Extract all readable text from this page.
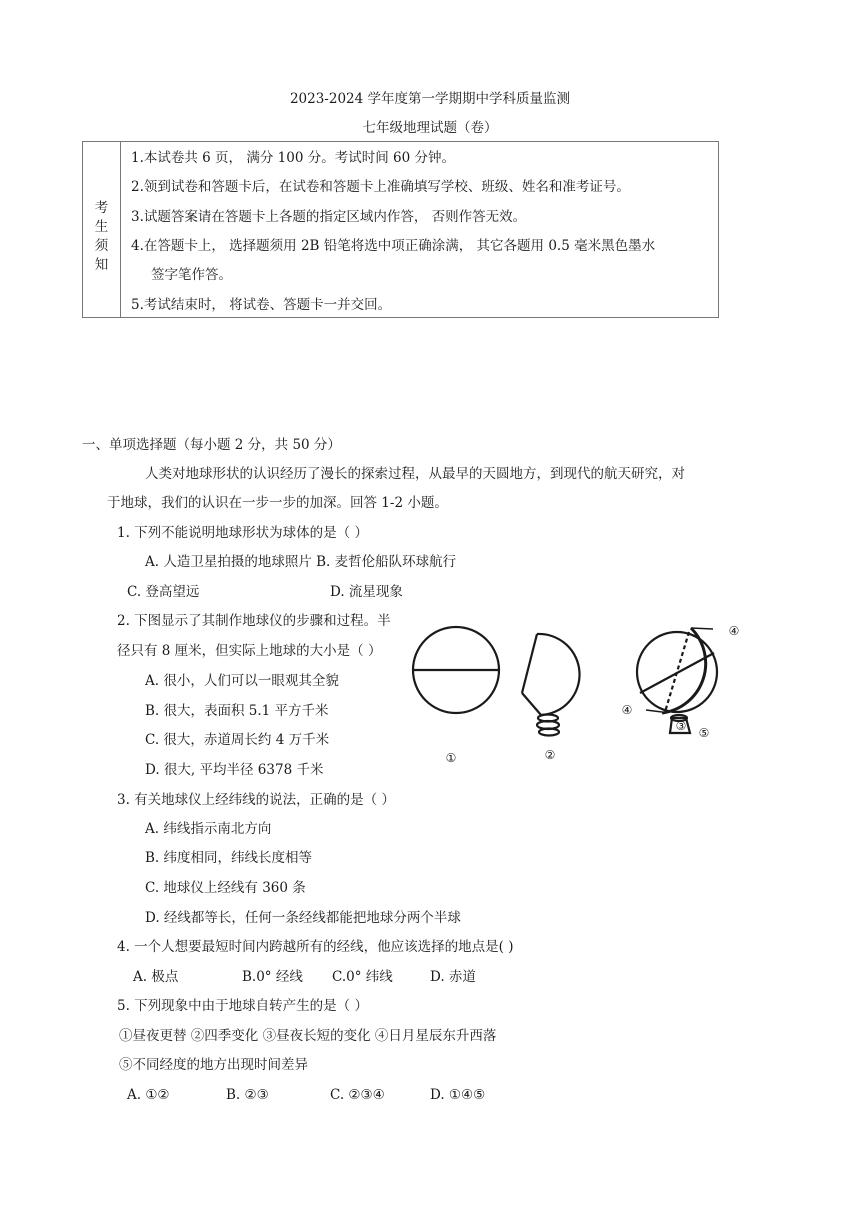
2023-2024 学年度第一学期期中学科质量监测
七年级地理试题（卷）
考
生
须
知
1.本试卷共 6 页， 满分 100 分。考试时间 60 分钟。
2.领到试卷和答题卡后，在试卷和答题卡上准确填写学校、班级、姓名和准考证号。
3.试题答案请在答题卡上各题的指定区域内作答， 否则作答无效。
4.在答题卡上， 选择题须用 2B 铅笔将选中项正确涂满， 其它各题用 0.5 毫米黑色墨水
签字笔作答。
5.考试结束时， 将试卷、答题卡一并交回。
一、单项选择题（每小题 2 分，共 50 分）
人类对地球形状的认识经历了漫长的探索过程，从最早的天圆地方，到现代的航天研究，对
于地球，我们的认识在一步一步的加深。回答 1-2 小题。
1. 下列不能说明地球形状为球体的是（ ）
A. 人造卫星拍摄的地球照片 B. 麦哲伦船队环球航行
C. 登高望远	D. 流星现象
2. 下图显示了其制作地球仪的步骤和过程。半
径只有 8 厘米，但实际上地球的大小是（ ）
A. 很小，人们可以一眼观其全貌
B. 很大，表面积 5.1 平方千米
C. 很大，赤道周长约 4 万千米
D. 很大, 平均半径 6378 千米
①	②
③
④
④
⑤
3. 有关地球仪上经纬线的说法，正确的是（ ）
A. 纬线指示南北方向
B. 纬度相同，纬线长度相等
C. 地球仪上经线有 360 条
D. 经线都等长，任何一条经线都能把地球分两个半球
4. 一个人想要最短时间内跨越所有的经线，他应该选择的地点是( )
A. 极点	B.0° 经线 C.0° 纬线	D. 赤道
5. 下列现象中由于地球自转产生的是（ ）
①昼夜更替 ②四季变化 ③昼夜长短的变化 ④日月星辰东升西落
⑤不同经度的地方出现时间差异
A. ①②	B. ②③	C. ②③④	D. ①④⑤
